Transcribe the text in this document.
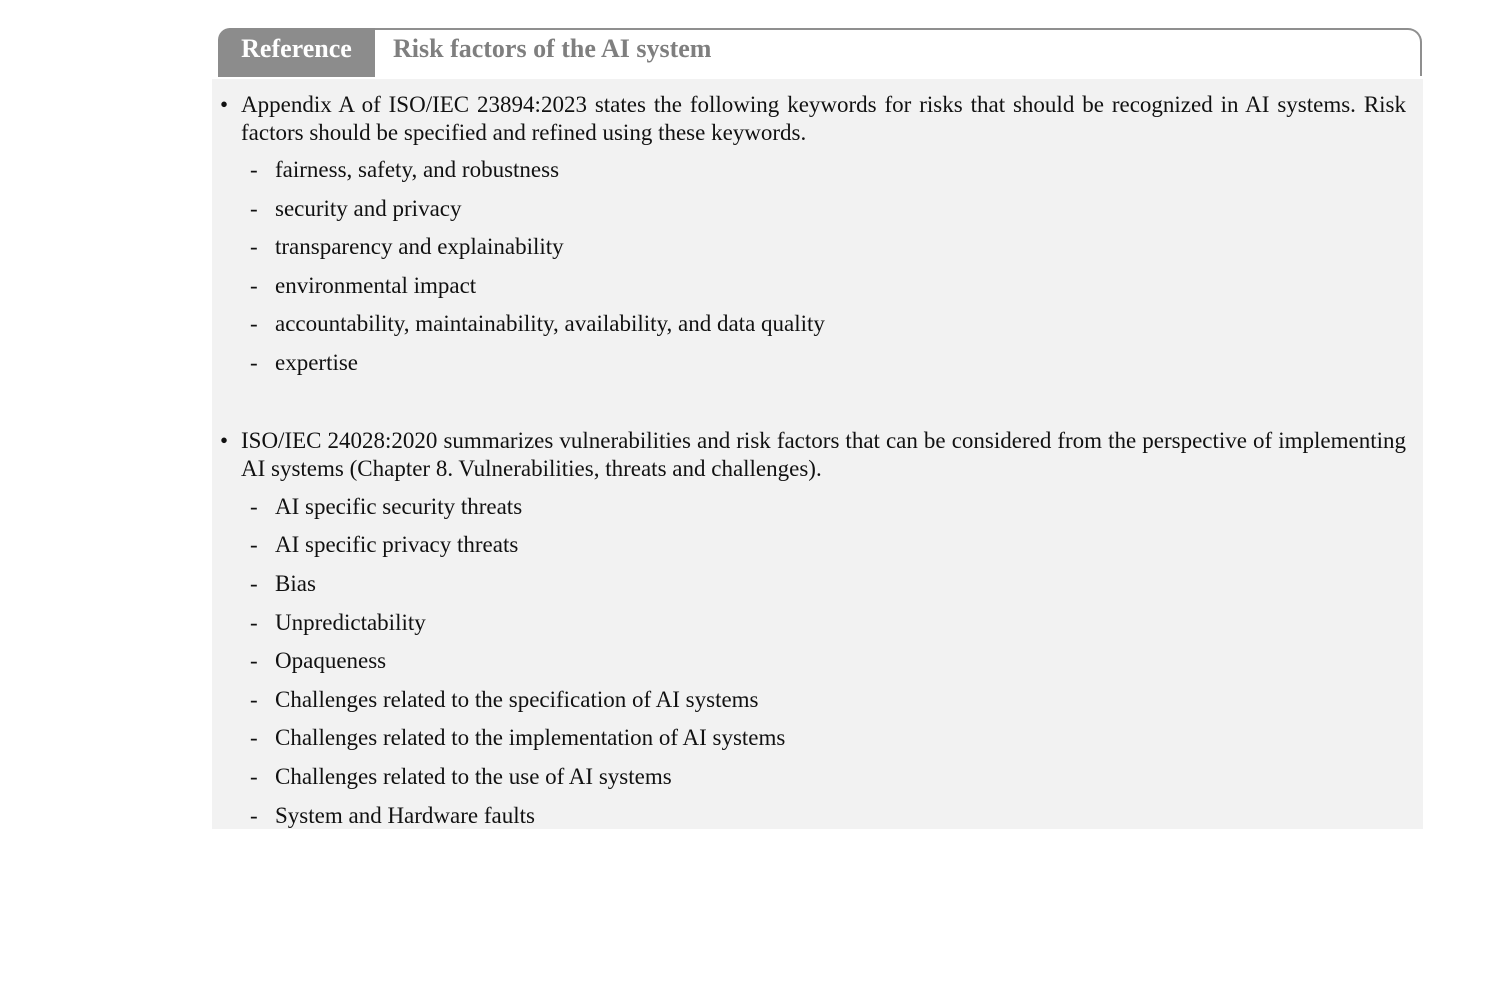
Reference	Risk factors of the AI system
• Appendix A of ISO/IEC 23894:2023 states the following keywords for risks that should be recognized in AI systems. Risk factors should be specified and refined using these keywords.
- fairness, safety, and robustness
- security and privacy
- transparency and explainability
- environmental impact
- accountability, maintainability, availability, and data quality
- expertise
• ISO/IEC 24028:2020 summarizes vulnerabilities and risk factors that can be considered from the perspective of implementing AI systems (Chapter 8. Vulnerabilities, threats and challenges).
- AI specific security threats
- AI specific privacy threats
- Bias
- Unpredictability
- Opaqueness
- Challenges related to the specification of AI systems
- Challenges related to the implementation of AI systems
- Challenges related to the use of AI systems
- System and Hardware faults
